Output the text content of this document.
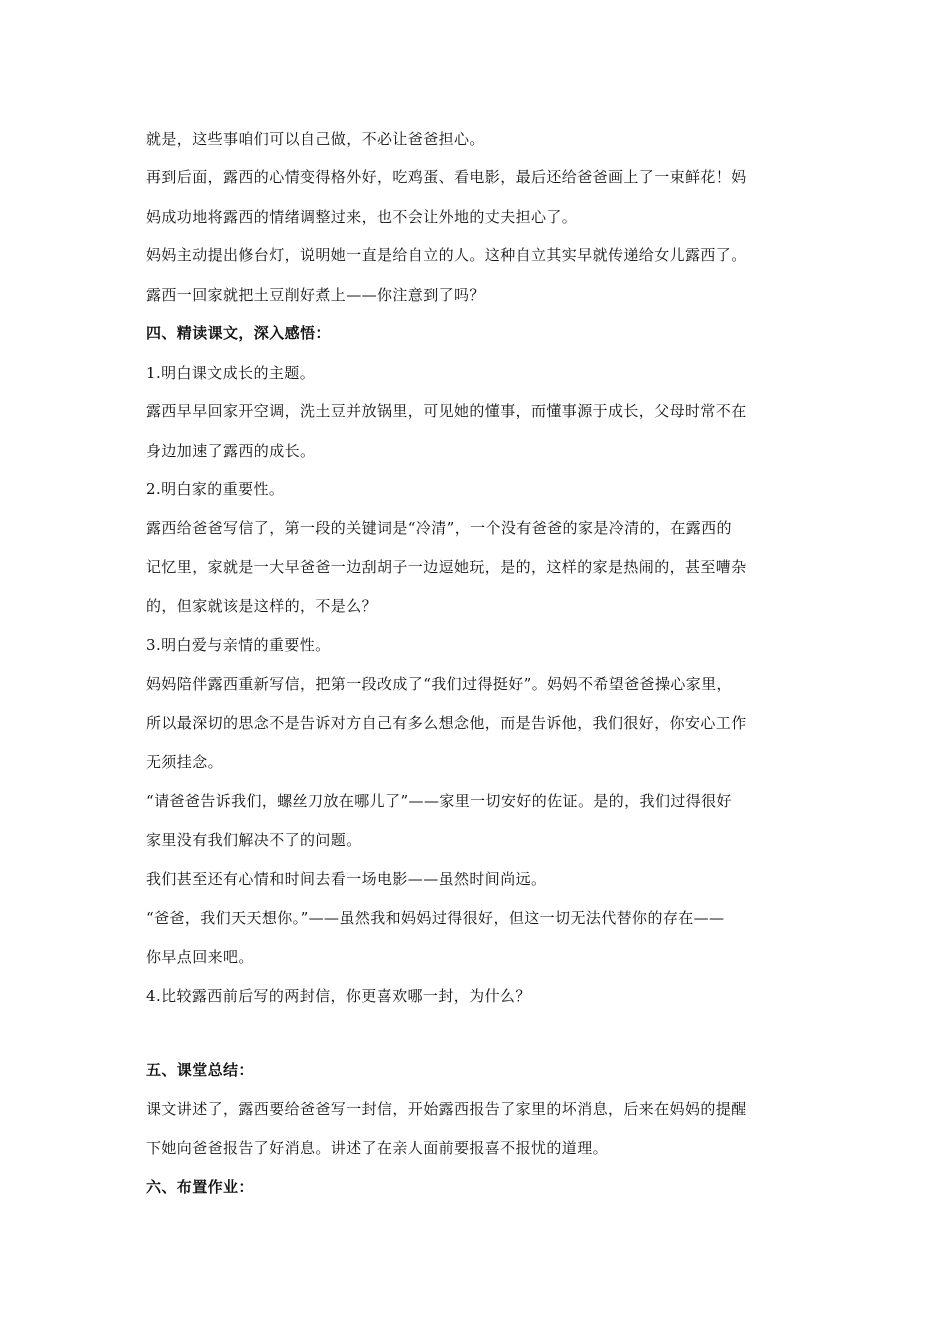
就是，这些事咱们可以自己做，不必让爸爸担心。
再到后面，露西的心情变得格外好，吃鸡蛋、看电影，最后还给爸爸画上了一束鲜花！妈
妈成功地将露西的情绪调整过来，也不会让外地的丈夫担心了。
妈妈主动提出修台灯，说明她一直是给自立的人。这种自立其实早就传递给女儿露西了。
露西一回家就把土豆削好煮上——你注意到了吗？
四、精读课文，深入感悟：
1.明白课文成长的主题。
露西早早回家开空调，洗土豆并放锅里，可见她的懂事，而懂事源于成长，父母时常不在
身边加速了露西的成长。
2.明白家的重要性。
露西给爸爸写信了，第一段的关键词是“冷清”，一个没有爸爸的家是冷清的，在露西的
记忆里，家就是一大早爸爸一边刮胡子一边逗她玩，是的，这样的家是热闹的，甚至嘈杂
的，但家就该是这样的，不是么？
3.明白爱与亲情的重要性。
妈妈陪伴露西重新写信，把第一段改成了“我们过得挺好”。妈妈不希望爸爸操心家里，
所以最深切的思念不是告诉对方自己有多么想念他，而是告诉他，我们很好，你安心工作
无须挂念。
“请爸爸告诉我们，螺丝刀放在哪儿了”——家里一切安好的佐证。是的，我们过得很好
家里没有我们解决不了的问题。
我们甚至还有心情和时间去看一场电影——虽然时间尚远。
“爸爸，我们天天想你。”——虽然我和妈妈过得很好，但这一切无法代替你的存在——
你早点回来吧。
4.比较露西前后写的两封信，你更喜欢哪一封，为什么？
五、课堂总结：
课文讲述了，露西要给爸爸写一封信，开始露西报告了家里的坏消息，后来在妈妈的提醒
下她向爸爸报告了好消息。讲述了在亲人面前要报喜不报忧的道理。
六、布置作业：
